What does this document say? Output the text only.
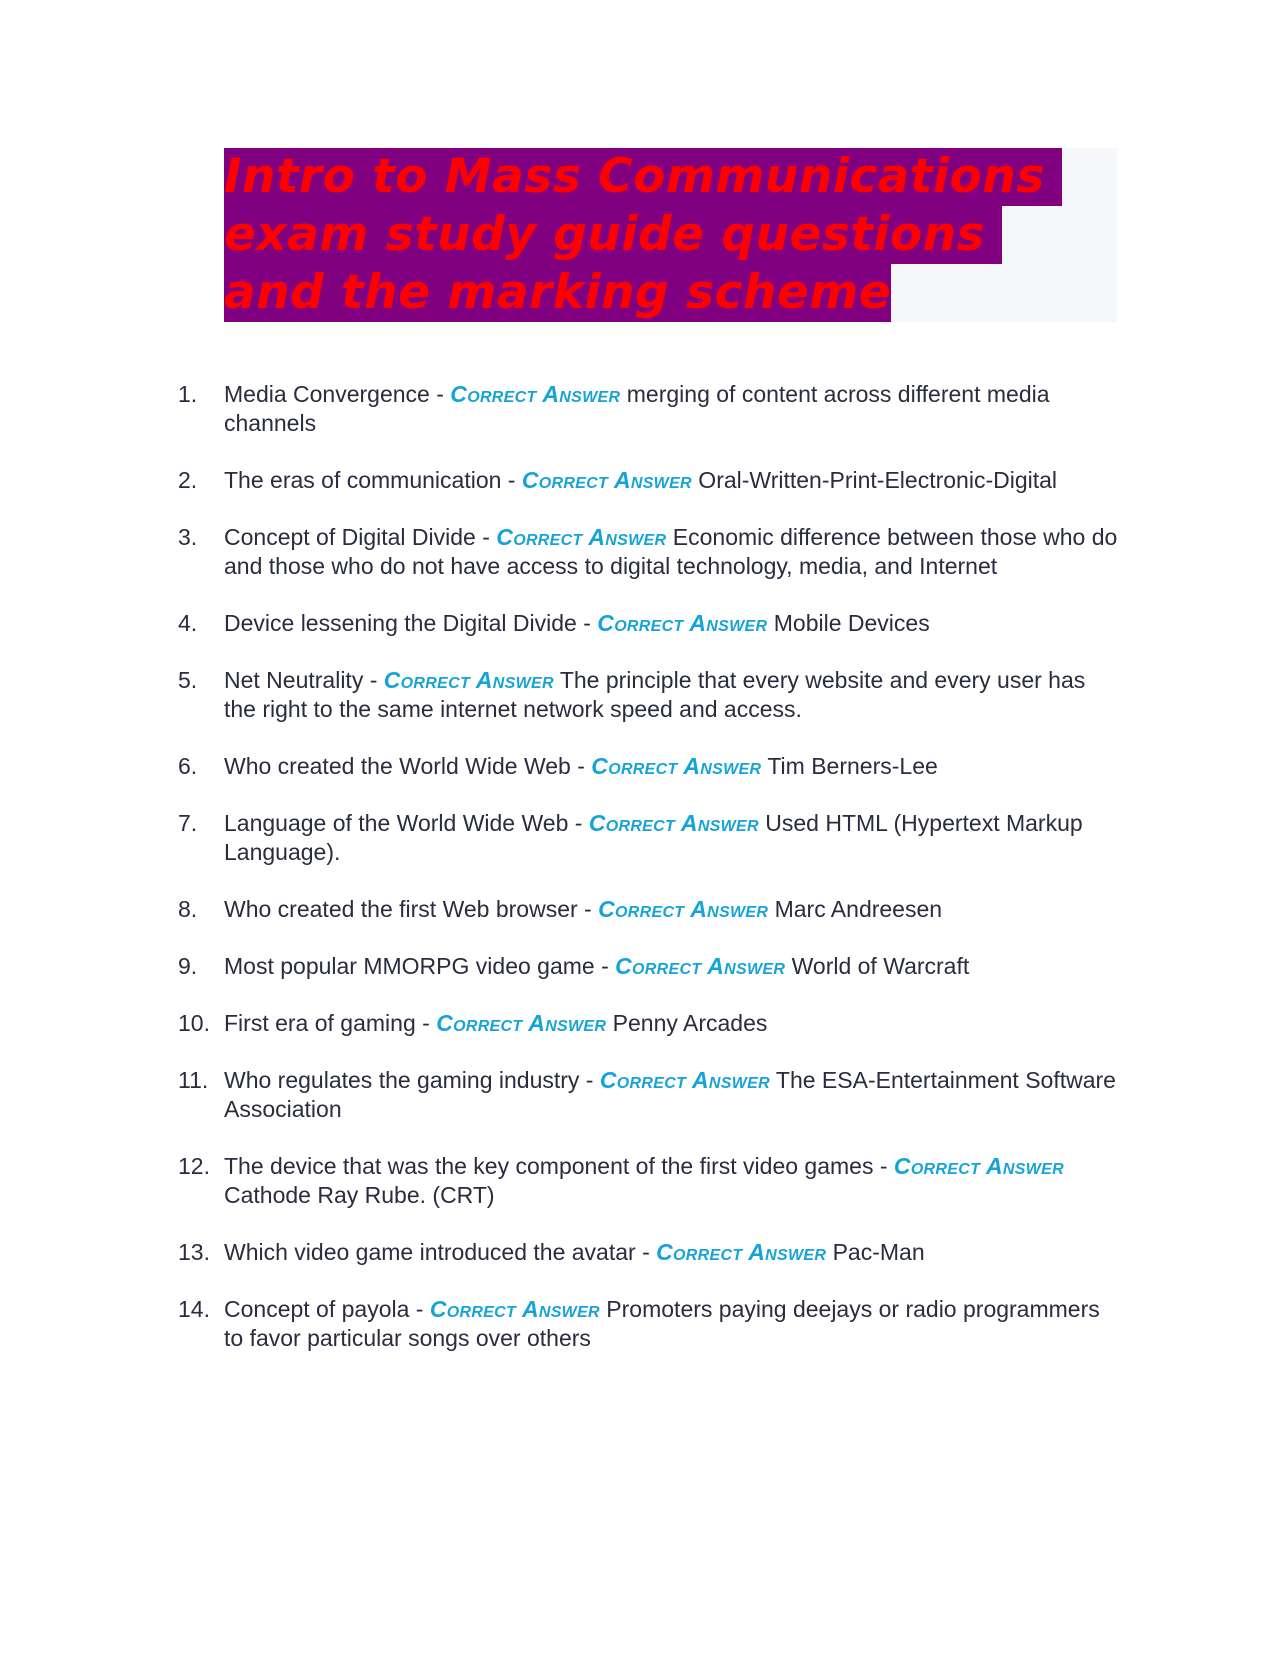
Intro to Mass Communications
exam study guide questions
and the marking scheme
1.	Media Convergence - Correct Answer merging of content across different media channels
2.	The eras of communication - Correct Answer Oral-Written-Print-Electronic-Digital
3.	Concept of Digital Divide - Correct Answer Economic difference between those who do and those who do not have access to digital technology, media, and Internet
4.	Device lessening the Digital Divide - Correct Answer Mobile Devices
5.	Net Neutrality - Correct Answer The principle that every website and every user has the right to the same internet network speed and access.
6.	Who created the World Wide Web - Correct Answer Tim Berners-Lee
7.	Language of the World Wide Web - Correct Answer Used HTML (Hypertext Markup Language).
8.	Who created the first Web browser - Correct Answer Marc Andreesen
9.	Most popular MMORPG video game - Correct Answer World of Warcraft
10. First era of gaming - Correct Answer Penny Arcades
11. Who regulates the gaming industry - Correct Answer The ESA-Entertainment Software Association
12. The device that was the key component of the first video games - Correct Answer Cathode Ray Rube. (CRT)
13. Which video game introduced the avatar - Correct Answer Pac-Man
14. Concept of payola - Correct Answer Promoters paying deejays or radio programmers to favor particular songs over others
